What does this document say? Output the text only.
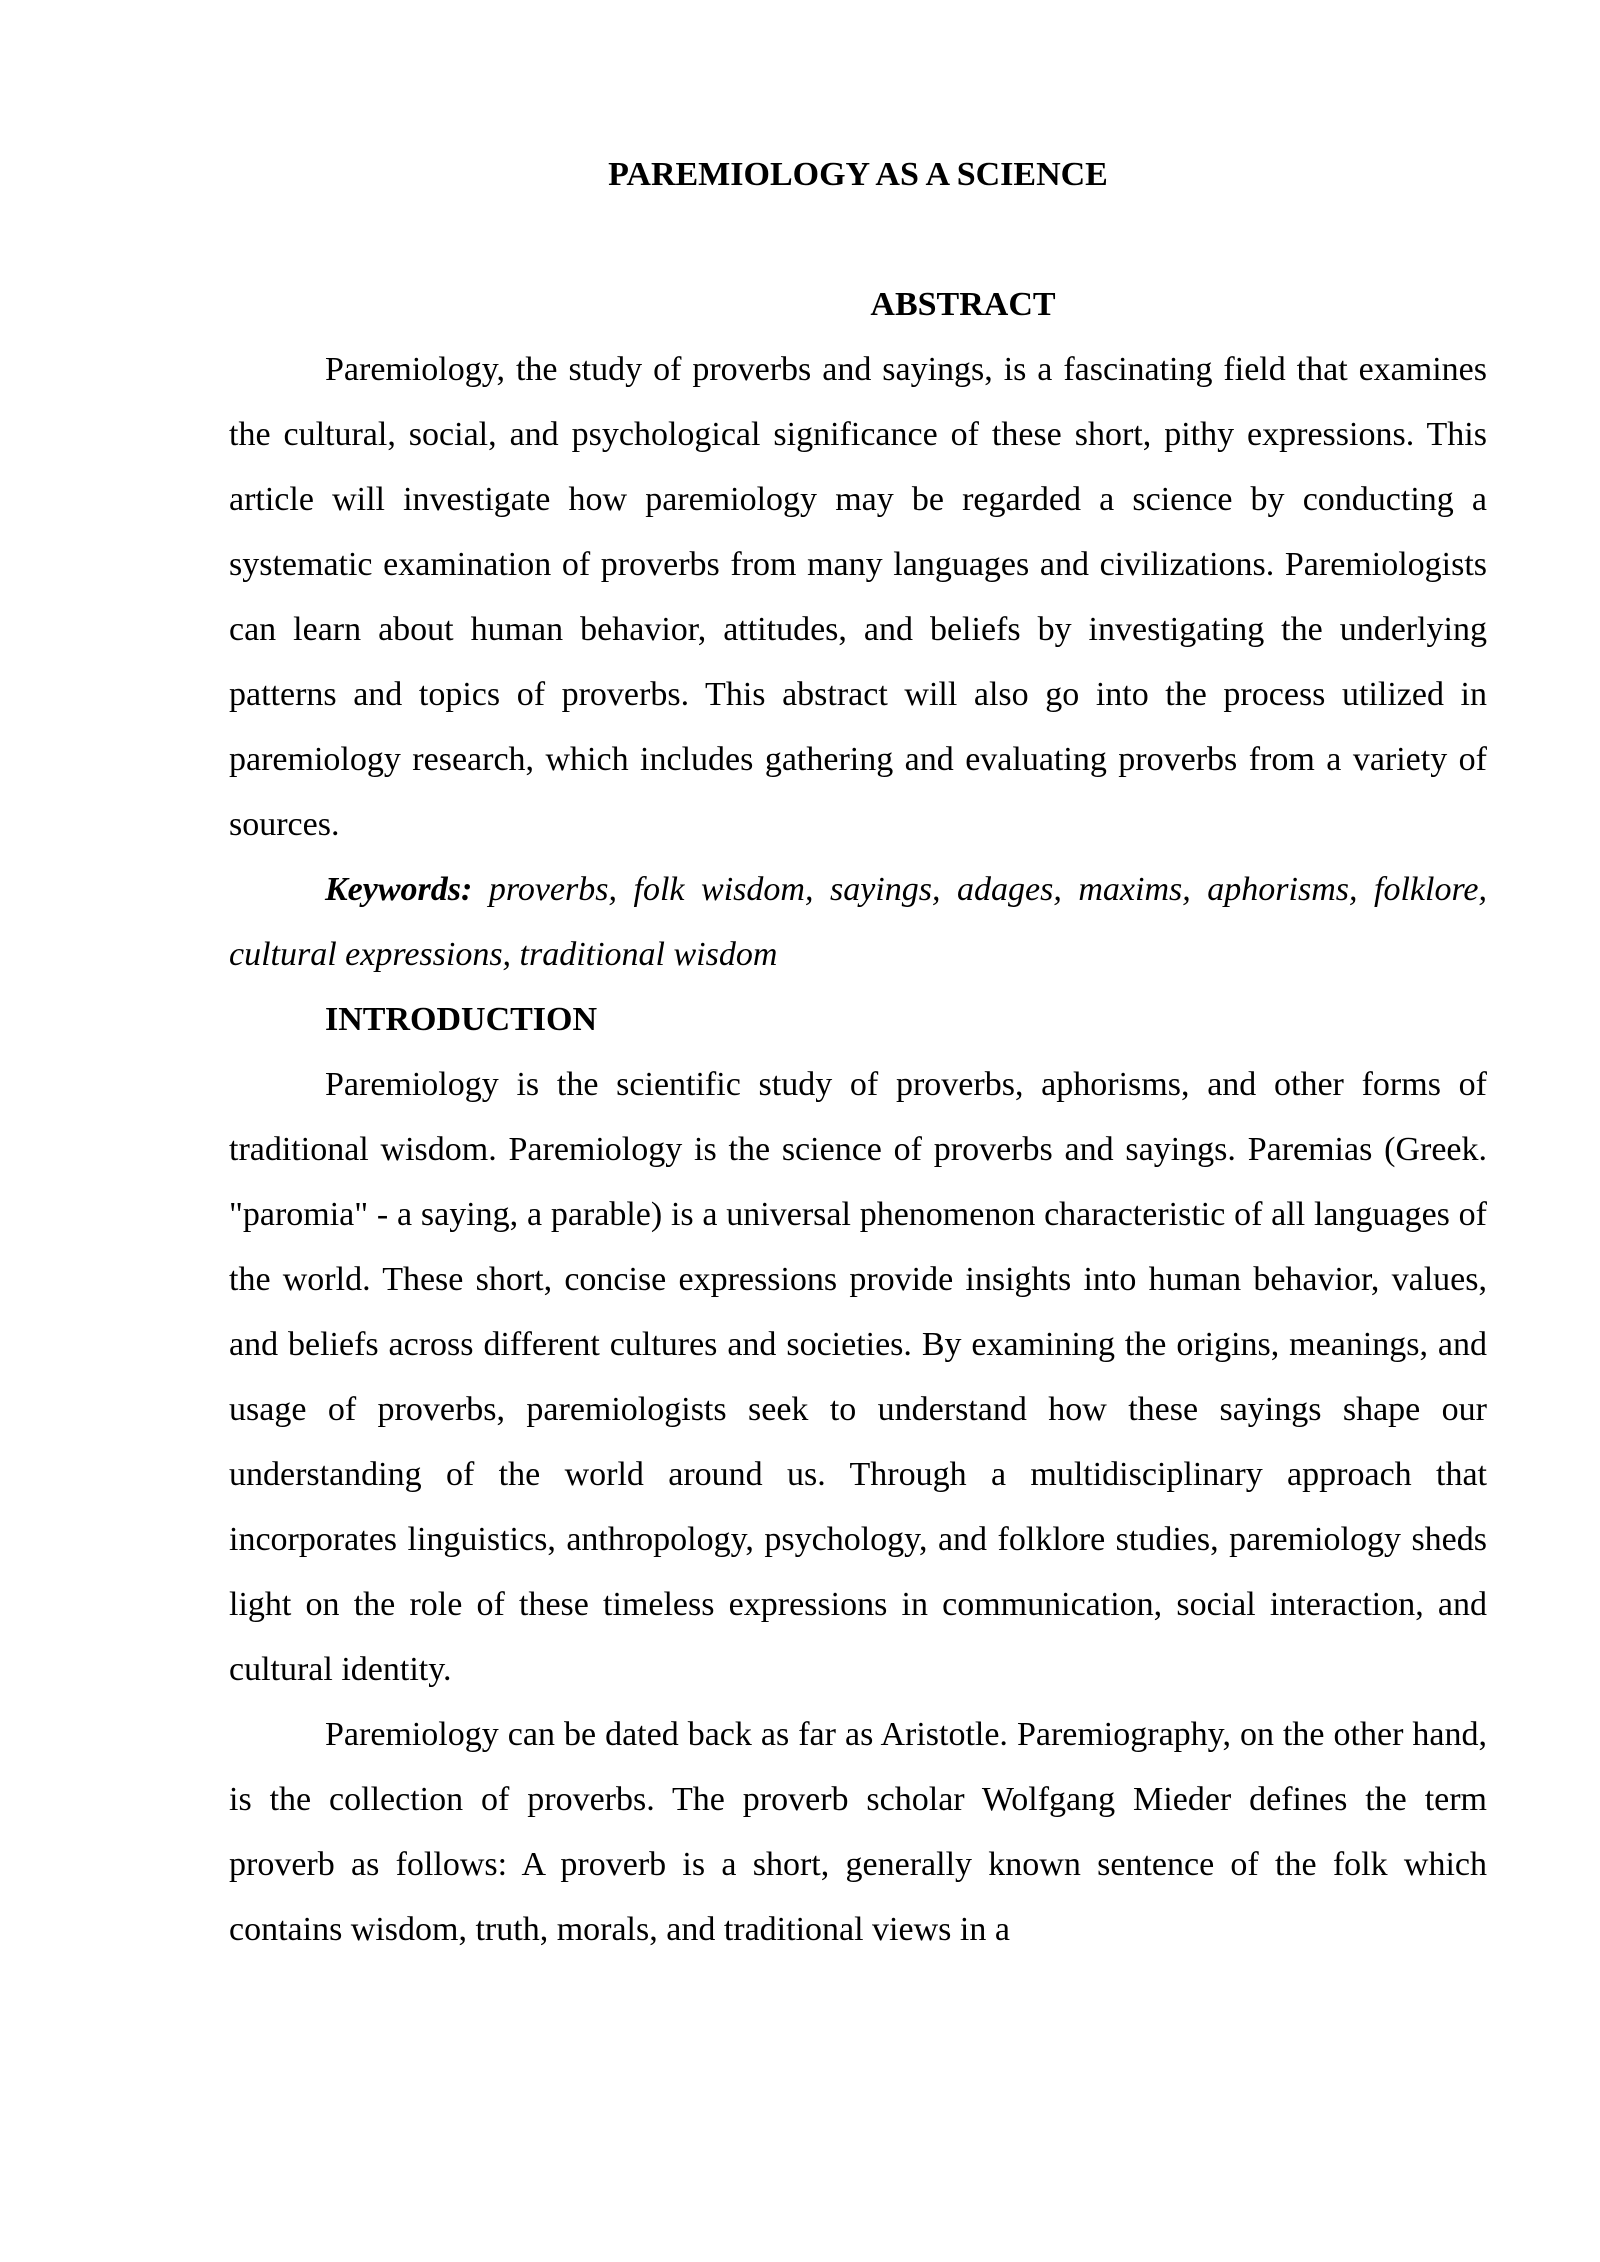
PAREMIOLOGY AS A SCIENCE

ABSTRACT

Paremiology, the study of proverbs and sayings, is a fascinating field that examines the cultural, social, and psychological significance of these short, pithy expressions. This article will investigate how paremiology may be regarded a science by conducting a systematic examination of proverbs from many languages and civilizations. Paremiologists can learn about human behavior, attitudes, and beliefs by investigating the underlying patterns and topics of proverbs. This abstract will also go into the process utilized in paremiology research, which includes gathering and evaluating proverbs from a variety of sources.

Keywords: proverbs, folk wisdom, sayings, adages, maxims, aphorisms, folklore, cultural expressions, traditional wisdom

INTRODUCTION

Paremiology is the scientific study of proverbs, aphorisms, and other forms of traditional wisdom. Paremiology is the science of proverbs and sayings. Paremias (Greek. "paromia" - a saying, a parable) is a universal phenomenon characteristic of all languages of the world. These short, concise expressions provide insights into human behavior, values, and beliefs across different cultures and societies. By examining the origins, meanings, and usage of proverbs, paremiologists seek to understand how these sayings shape our understanding of the world around us. Through a multidisciplinary approach that incorporates linguistics, anthropology, psychology, and folklore studies, paremiology sheds light on the role of these timeless expressions in communication, social interaction, and cultural identity.

Paremiology can be dated back as far as Aristotle. Paremiography, on the other hand, is the collection of proverbs. The proverb scholar Wolfgang Mieder defines the term proverb as follows: A proverb is a short, generally known sentence of the folk which contains wisdom, truth, morals, and traditional views in a
